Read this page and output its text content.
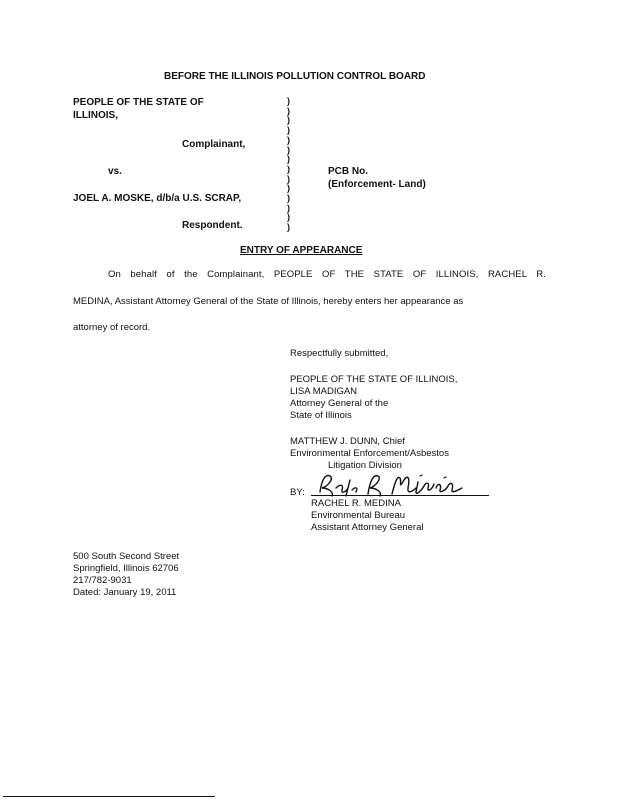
BEFORE THE ILLINOIS POLLUTION CONTROL BOARD
PEOPLE OF THE STATE OF
ILLINOIS,
Complainant,
vs.
JOEL A. MOSKE, d/b/a U.S. SCRAP,
Respondent.
)
)
)
)
)
)
)
)
)
)
)
)
)
)
PCB No.
(Enforcement- Land)
ENTRY OF APPEARANCE
On behalf of the Complainant, PEOPLE OF THE STATE OF ILLINOIS, RACHEL R.
MEDINA, Assistant Attorney General of the State of Illinois, hereby enters her appearance as
attorney of record.
Respectfully submitted,
PEOPLE OF THE STATE OF ILLINOIS,
LISA MADIGAN
Attorney General of the
State of Illinois
MATTHEW J. DUNN, Chief
Environmental Enforcement/Asbestos
Litigation Division
BY:
RACHEL R. MEDINA
Environmental Bureau
Assistant Attorney General
500 South Second Street
Springfield, Illinois 62706
217/782-9031
Dated: January 19, 2011
